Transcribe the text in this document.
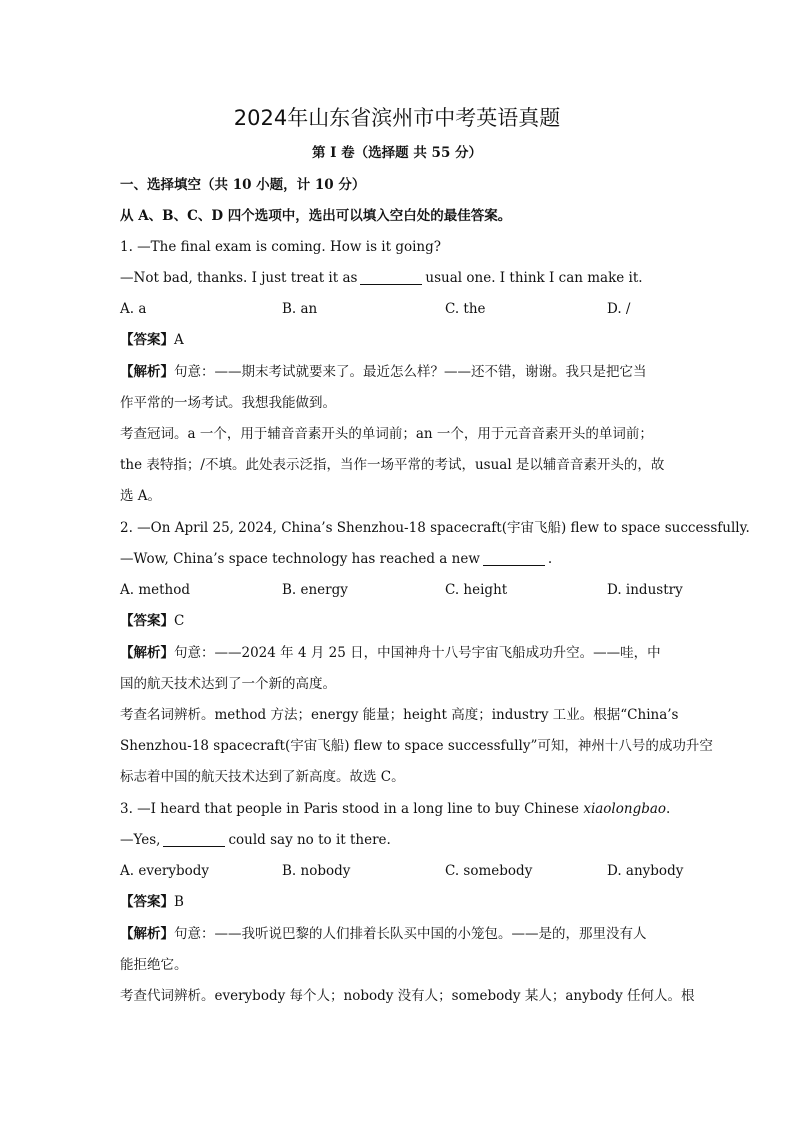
2024年山东省滨州市中考英语真题
第 I 卷（选择题 共 55 分）
一、选择填空（共 10 小题，计 10 分）
从 A、B、C、D 四个选项中，选出可以填入空白处的最佳答案。
1. —The final exam is coming. How is it going?
—Not bad, thanks. I just treat it as	usual one. I think I can make it.
A. a	B. an	C. the	D. /
【答案】A
【解析】句意：——期末考试就要来了。最近怎么样？——还不错，谢谢。我只是把它当
作平常的一场考试。我想我能做到。
考查冠词。a 一个，用于辅音音素开头的单词前；an 一个，用于元音音素开头的单词前；
the 表特指；/不填。此处表示泛指，当作一场平常的考试，usual 是以辅音音素开头的，故
选 A。
2. —On April 25, 2024, China’s Shenzhou-18 spacecraft(宇宙飞船) flew to space successfully.
—Wow, China’s space technology has reached a new	.
A. method	B. energy	C. height	D. industry
【答案】C
【解析】句意：——2024 年 4 月 25 日，中国神舟十八号宇宙飞船成功升空。——哇，中
国的航天技术达到了一个新的高度。
考查名词辨析。method 方法；energy 能量；height 高度；industry 工业。根据“China’s
Shenzhou-18 spacecraft(宇宙飞船) flew to space successfully”可知，神州十八号的成功升空
标志着中国的航天技术达到了新高度。故选 C。
3. —I heard that people in Paris stood in a long line to buy Chinese xiaolongbao.
—Yes,	could say no to it there.
A. everybody	B. nobody	C. somebody	D. anybody
【答案】B
【解析】句意：——我听说巴黎的人们排着长队买中国的小笼包。——是的，那里没有人
能拒绝它。
考查代词辨析。everybody 每个人；nobody 没有人；somebody 某人；anybody 任何人。根
